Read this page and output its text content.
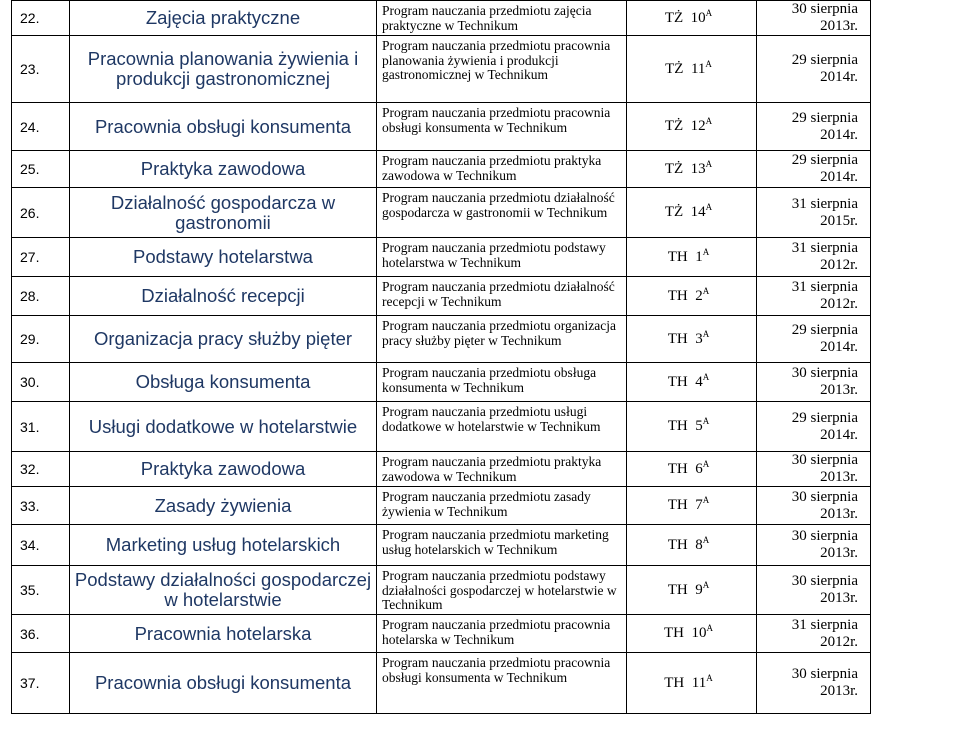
22.	Zajęcia praktyczne	Program nauczania przedmiotu zajęcia praktyczne w Technikum	TŻ $10^A$	30 sierpnia 2013r.
23.	Pracownia planowania żywienia i produkcji gastronomicznej	Program nauczania przedmiotu pracownia planowania żywienia i produkcji gastronomicznej w Technikum	TŻ $11^A$	29 sierpnia 2014r.
24.	Pracownia obsługi konsumenta	Program nauczania przedmiotu pracownia obsługi konsumenta w Technikum	TŻ $12^A$	29 sierpnia 2014r.
25.	Praktyka zawodowa	Program nauczania przedmiotu praktyka zawodowa w Technikum	TŻ $13^A$	29 sierpnia 2014r.
26.	Działalność gospodarcza w gastronomii	Program nauczania przedmiotu działalność gospodarcza w gastronomii w Technikum	TŻ $14^A$	31 sierpnia 2015r.
27.	Podstawy hotelarstwa	Program nauczania przedmiotu podstawy hotelarstwa w Technikum	TH $1^A$	31 sierpnia 2012r.
28.	Działalność recepcji	Program nauczania przedmiotu działalność recepcji w Technikum	TH $2^A$	31 sierpnia 2012r.
29.	Organizacja pracy służby pięter	Program nauczania przedmiotu organizacja pracy służby pięter w Technikum	TH $3^A$	29 sierpnia 2014r.
30.	Obsługa konsumenta	Program nauczania przedmiotu obsługa konsumenta w Technikum	TH $4^A$	30 sierpnia 2013r.
31.	Usługi dodatkowe w hotelarstwie	Program nauczania przedmiotu usługi dodatkowe w hotelarstwie w Technikum	TH $5^A$	29 sierpnia 2014r.
32.	Praktyka zawodowa	Program nauczania przedmiotu praktyka zawodowa w Technikum	TH $6^A$	30 sierpnia 2013r.
33.	Zasady żywienia	Program nauczania przedmiotu zasady żywienia w Technikum	TH $7^A$	30 sierpnia 2013r.
34.	Marketing usług hotelarskich	Program nauczania przedmiotu marketing usług hotelarskich w Technikum	TH $8^A$	30 sierpnia 2013r.
35.	Podstawy działalności gospodarczej w hotelarstwie	Program nauczania przedmiotu podstawy działalności gospodarczej w hotelarstwie w Technikum	TH $9^A$	30 sierpnia 2013r.
36.	Pracownia hotelarska	Program nauczania przedmiotu pracownia hotelarska w Technikum	TH $10^A$	31 sierpnia 2012r.
37.	Pracownia obsługi konsumenta	Program nauczania przedmiotu pracownia obsługi konsumenta w Technikum	TH $11^A$	30 sierpnia 2013r.
